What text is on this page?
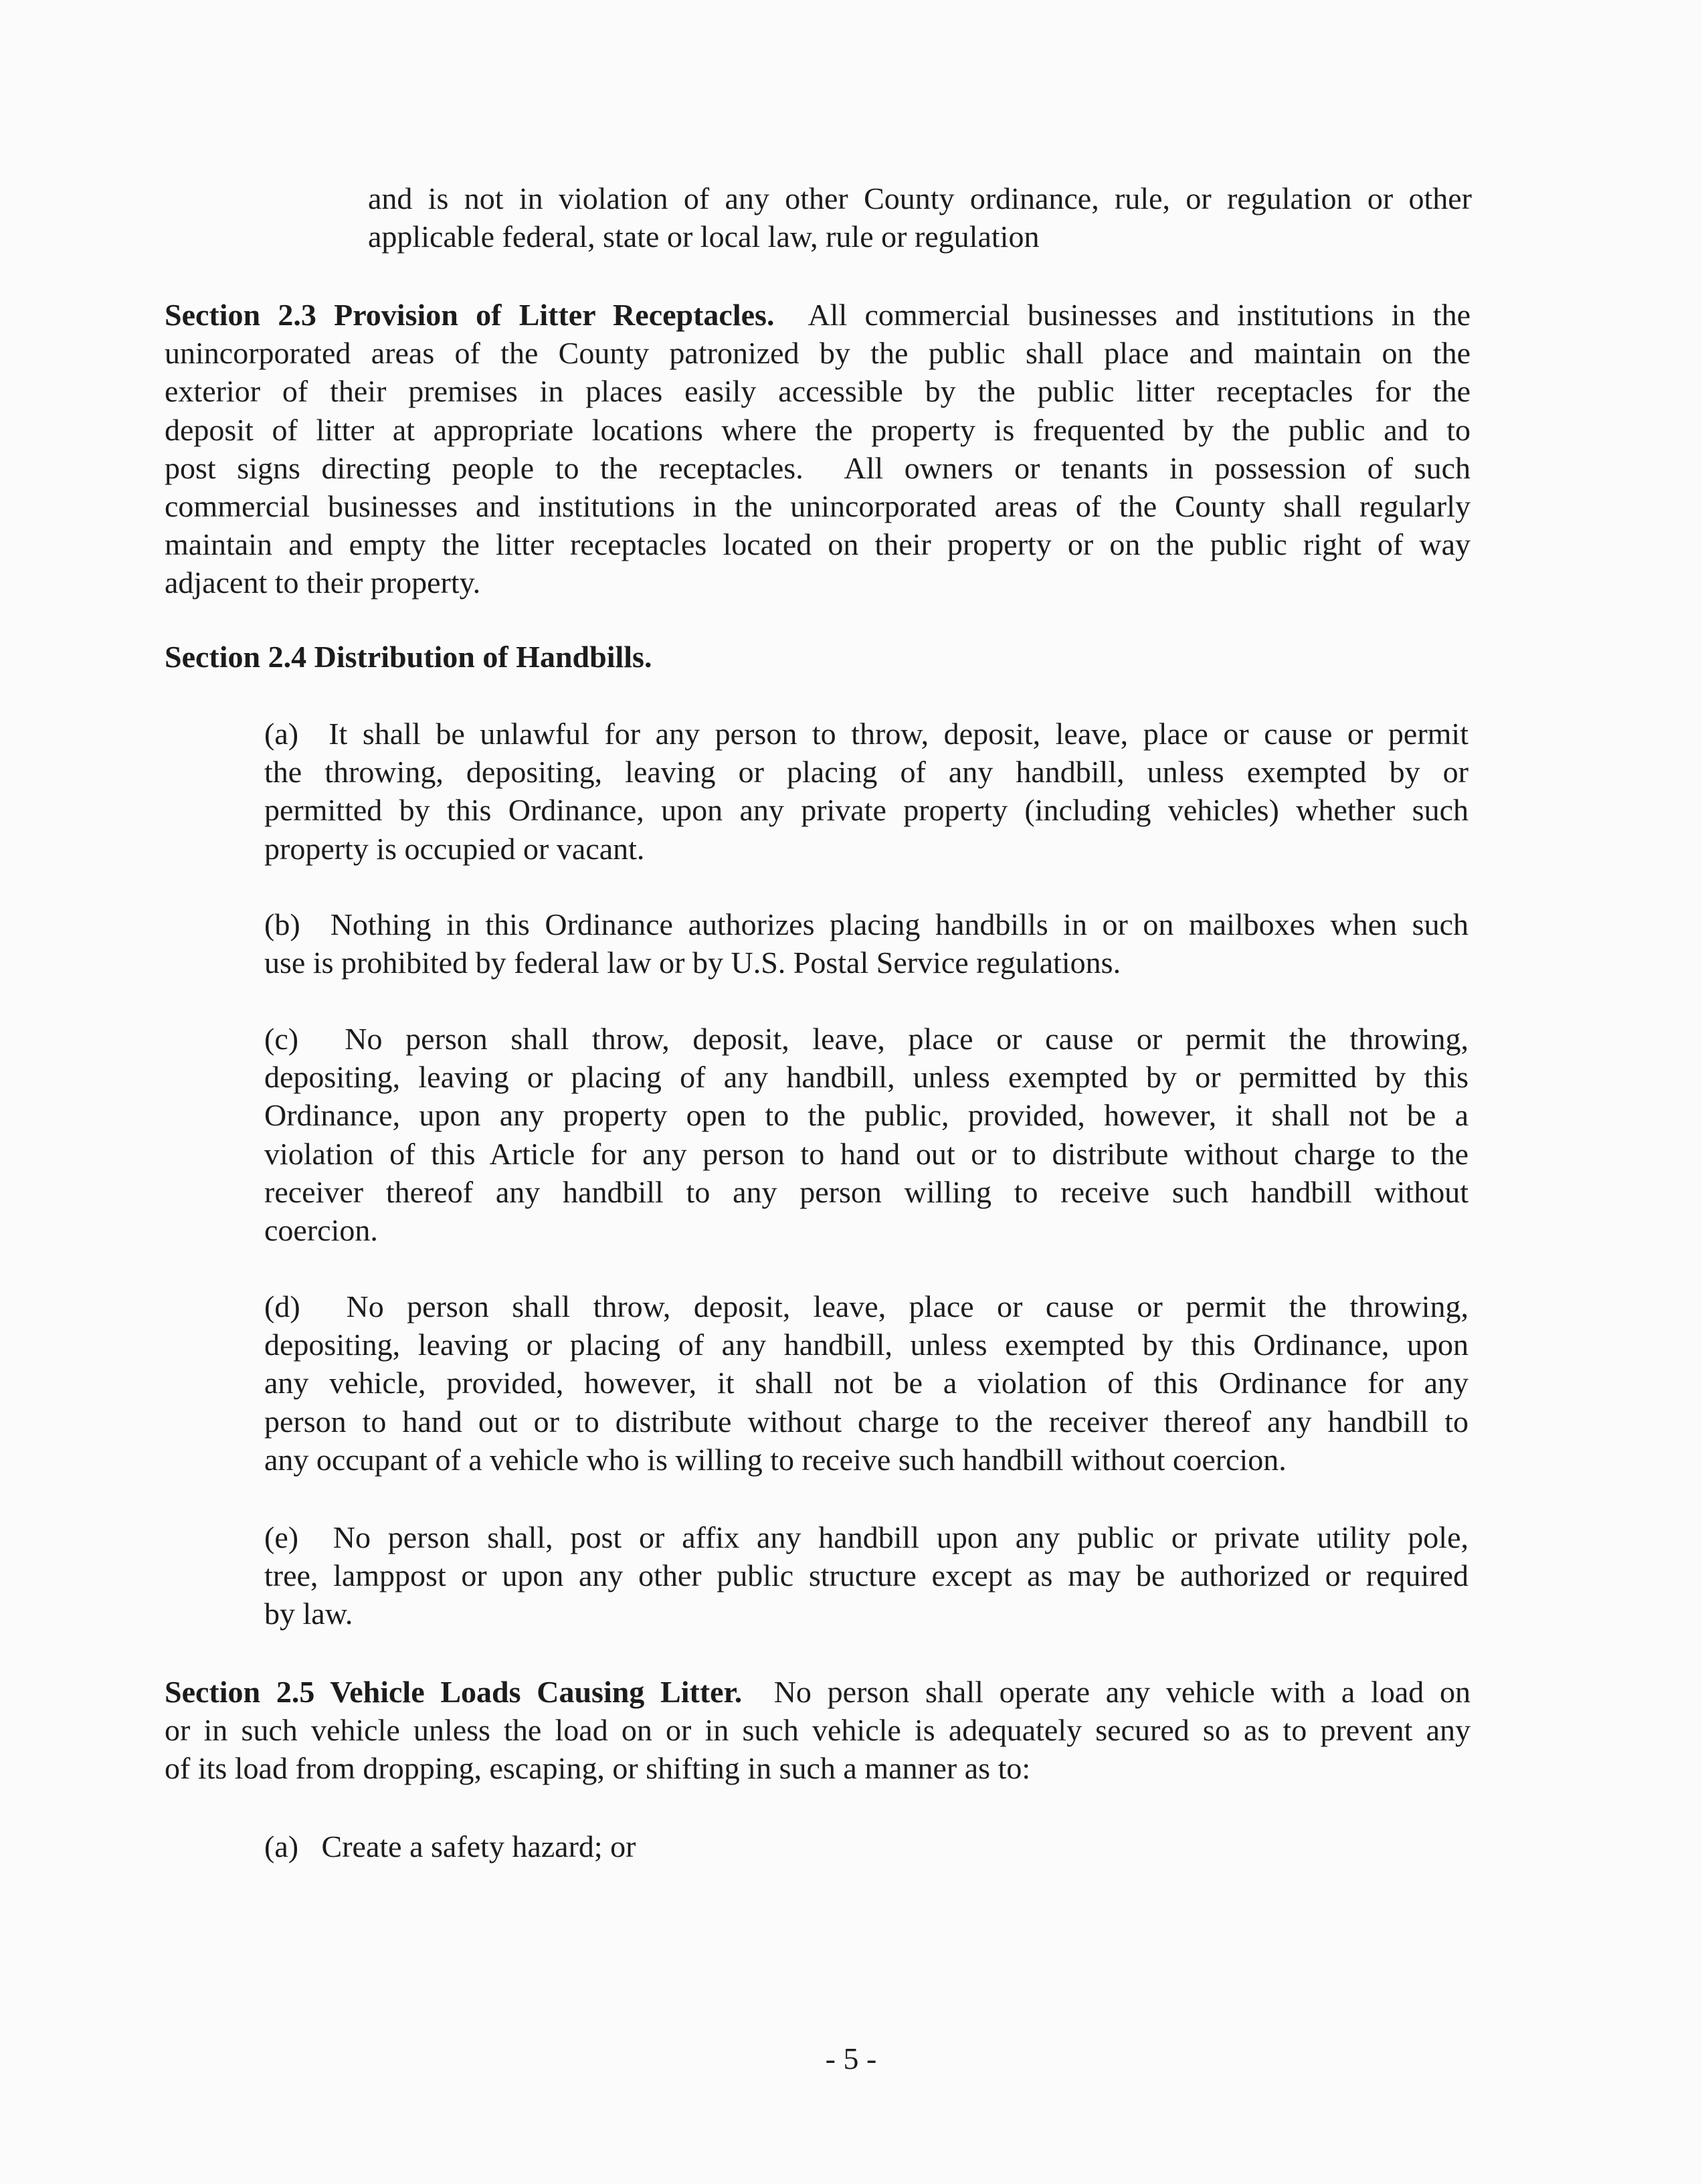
and is not in violation of any other County ordinance, rule, or regulation or other
applicable federal, state or local law, rule or regulation
Section 2.3 Provision of Litter Receptacles.  All commercial businesses and institutions in the
unincorporated areas of the County patronized by the public shall place and maintain on the
exterior of their premises in places easily accessible by the public litter receptacles for the
deposit of litter at appropriate locations where the property is frequented by the public and to
post signs directing people to the receptacles.  All owners or tenants in possession of such
commercial businesses and institutions in the unincorporated areas of the County shall regularly
maintain and empty the litter receptacles located on their property or on the public right of way
adjacent to their property.
Section 2.4 Distribution of Handbills.
(a)  It shall be unlawful for any person to throw, deposit, leave, place or cause or permit
the throwing, depositing, leaving or placing of any handbill, unless exempted by or
permitted by this Ordinance, upon any private property (including vehicles) whether such
property is occupied or vacant.
(b)  Nothing in this Ordinance authorizes placing handbills in or on mailboxes when such
use is prohibited by federal law or by U.S. Postal Service regulations.
(c)  No person shall throw, deposit, leave, place or cause or permit the throwing,
depositing, leaving or placing of any handbill, unless exempted by or permitted by this
Ordinance, upon any property open to the public, provided, however, it shall not be a
violation of this Article for any person to hand out or to distribute without charge to the
receiver thereof any handbill to any person willing to receive such handbill without
coercion.
(d)  No person shall throw, deposit, leave, place or cause or permit the throwing,
depositing, leaving or placing of any handbill, unless exempted by this Ordinance, upon
any vehicle, provided, however, it shall not be a violation of this Ordinance for any
person to hand out or to distribute without charge to the receiver thereof any handbill to
any occupant of a vehicle who is willing to receive such handbill without coercion.
(e)  No person shall, post or affix any handbill upon any public or private utility pole,
tree, lamppost or upon any other public structure except as may be authorized or required
by law.
Section 2.5 Vehicle Loads Causing Litter.  No person shall operate any vehicle with a load on
or in such vehicle unless the load on or in such vehicle is adequately secured so as to prevent any
of its load from dropping, escaping, or shifting in such a manner as to:
(a)   Create a safety hazard; or
- 5 -
